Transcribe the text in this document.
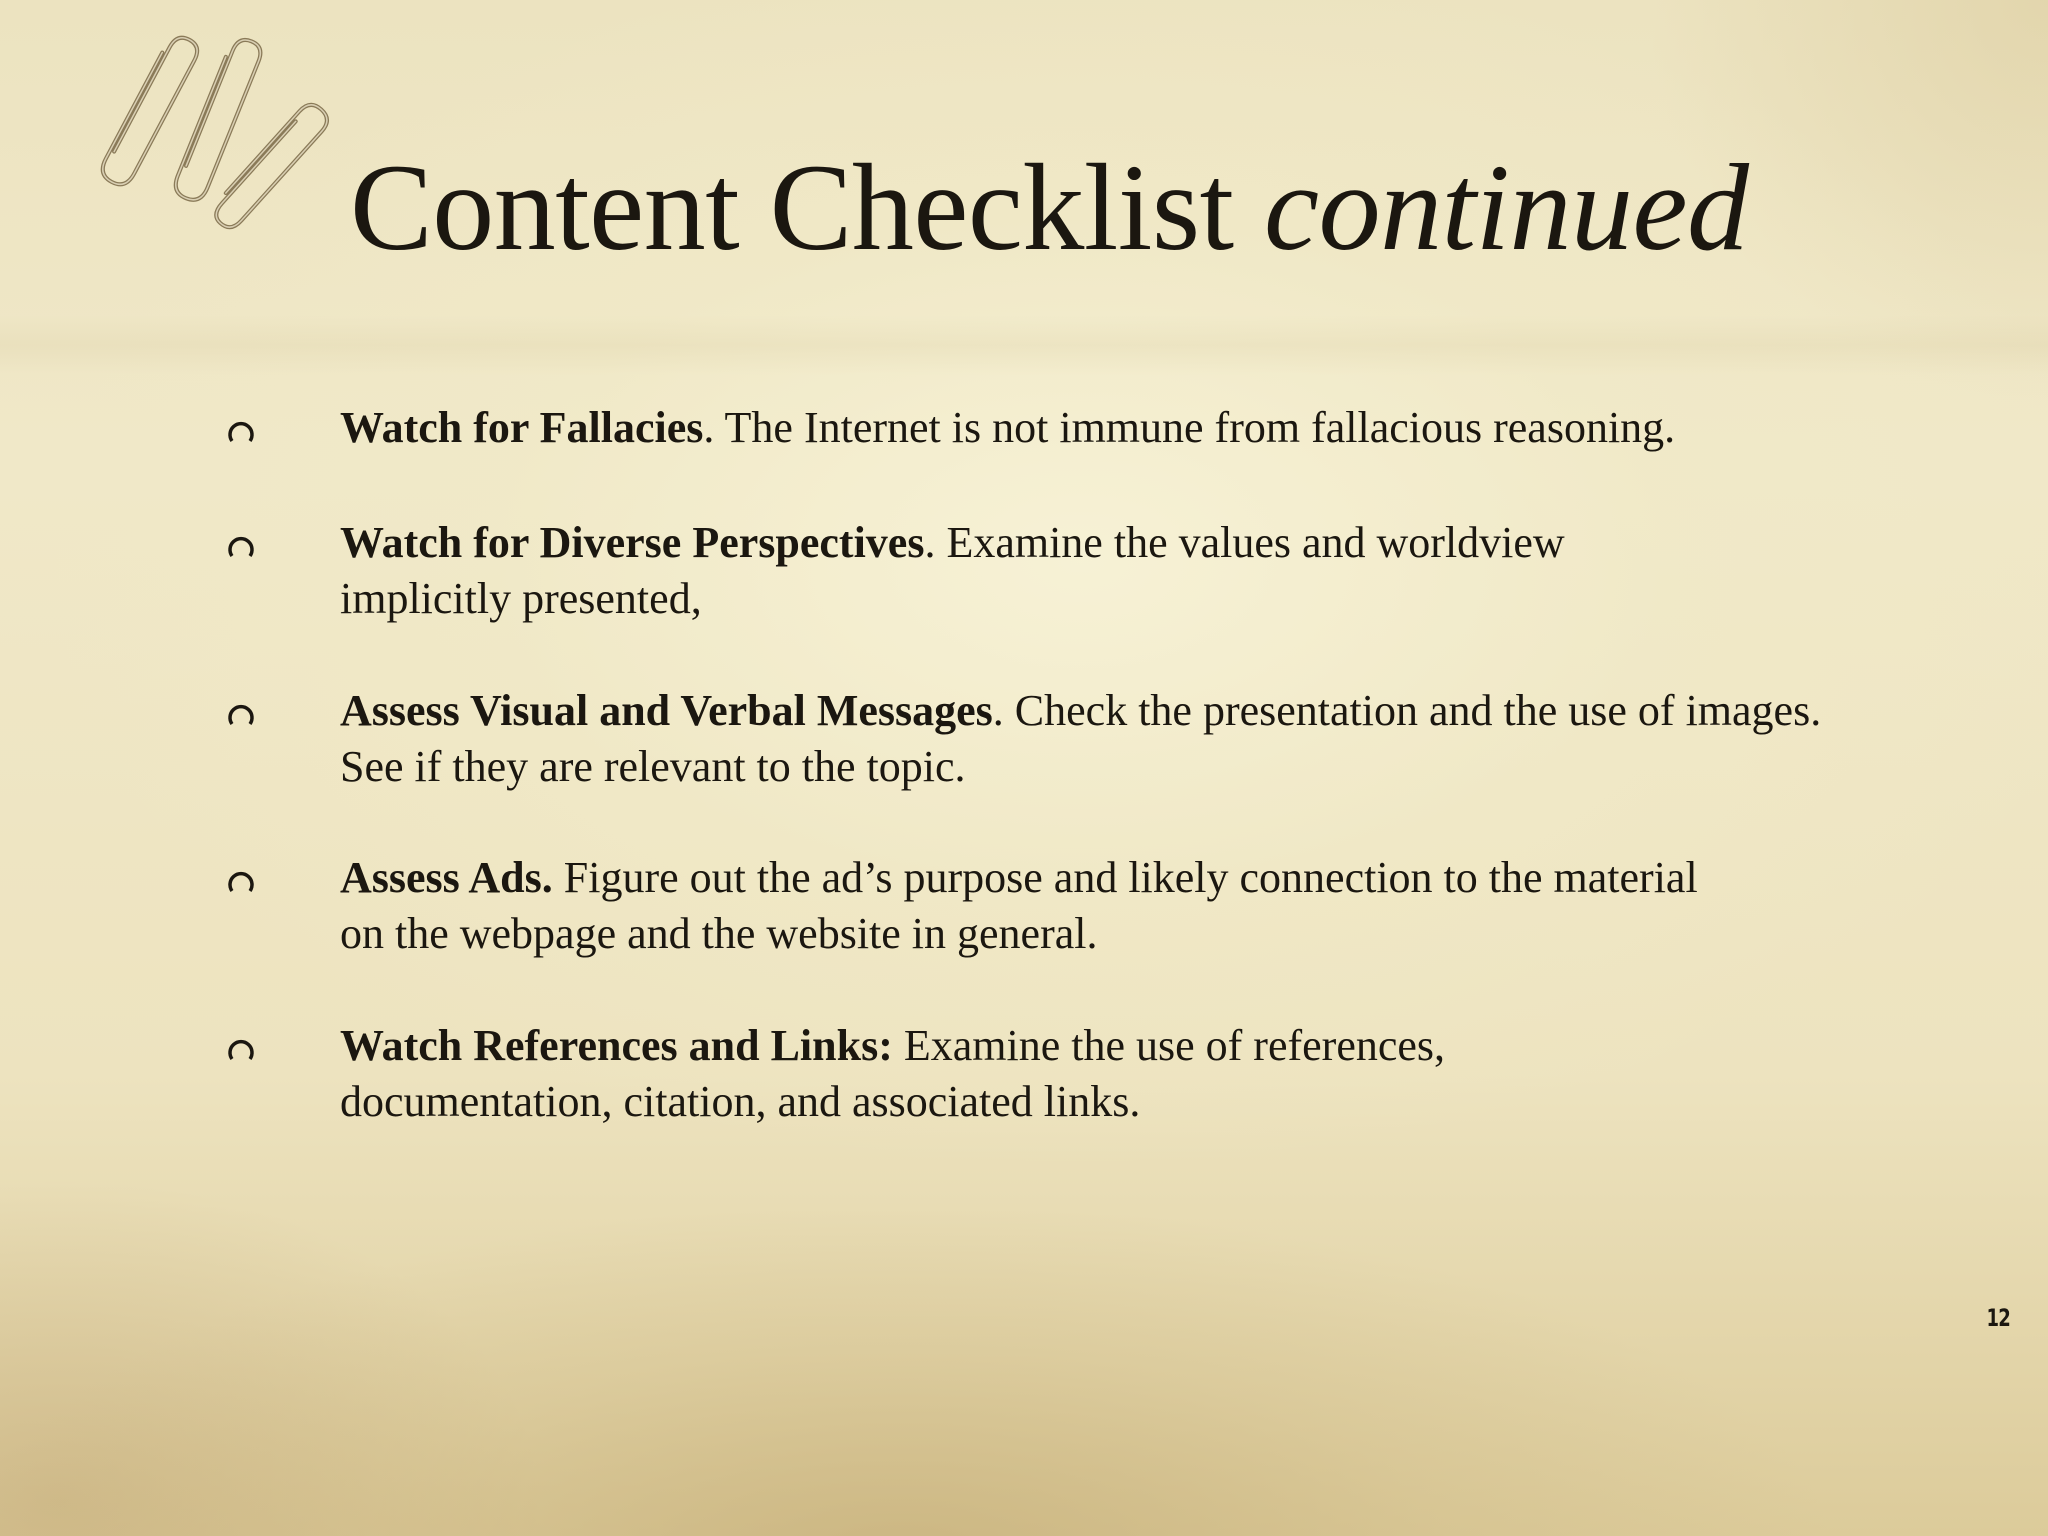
Content Checklist continued

Watch for Fallacies. The Internet is not immune from fallacious reasoning.

Watch for Diverse Perspectives. Examine the values and worldview implicitly presented,

Assess Visual and Verbal Messages. Check the presentation and the use of images. See if they are relevant to the topic.

Assess Ads. Figure out the ad’s purpose and likely connection to the material on the webpage and the website in general.

Watch References and Links: Examine the use of references, documentation, citation, and associated links.

12
